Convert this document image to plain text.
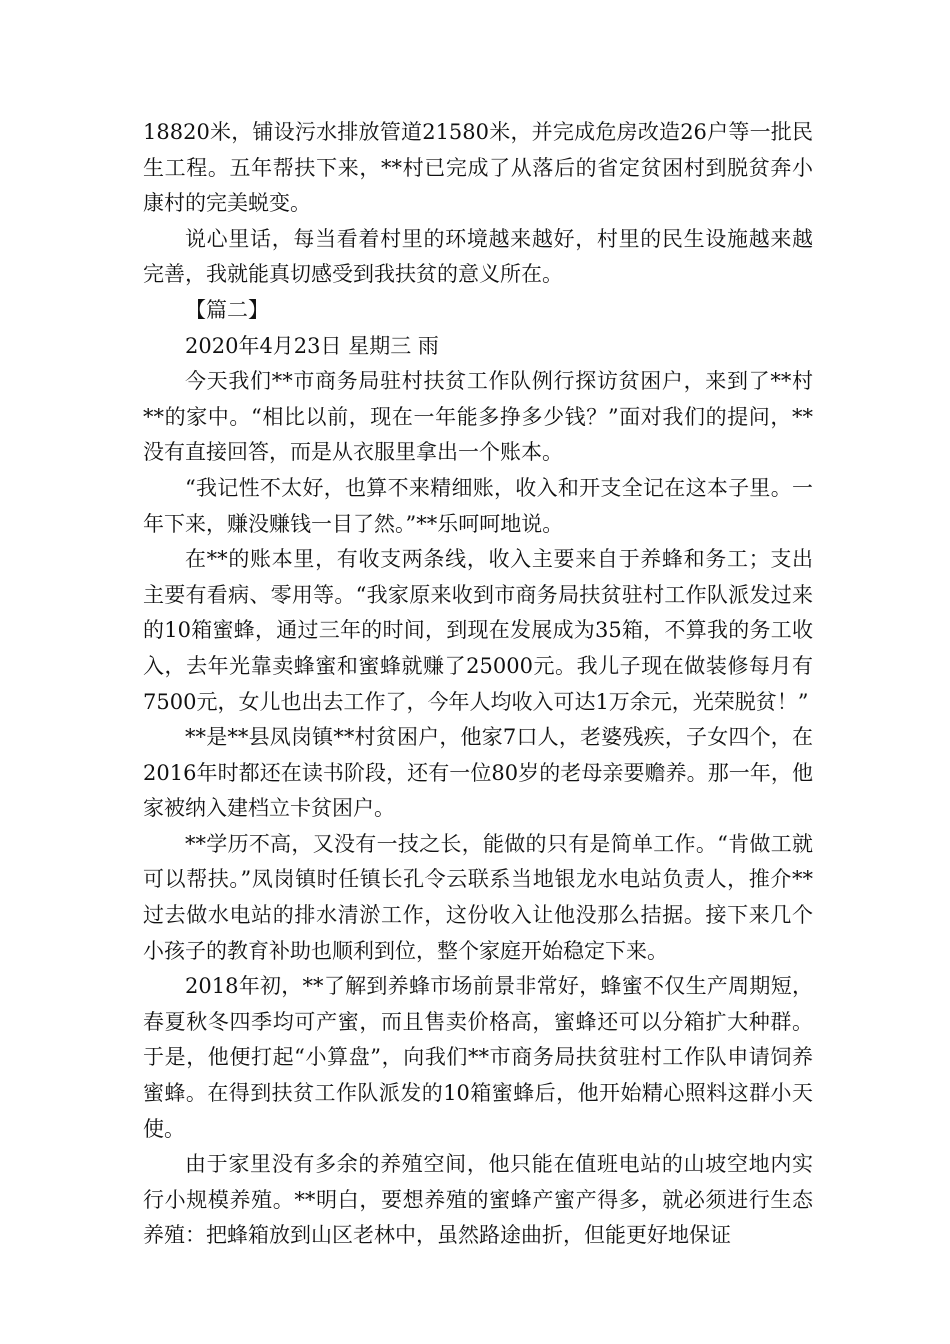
18820米，铺设污水排放管道21580米，并完成危房改造26户等一批民生工程。五年帮扶下来，**村已完成了从落后的省定贫困村到脱贫奔小康村的完美蜕变。

说心里话，每当看着村里的环境越来越好，村里的民生设施越来越完善，我就能真切感受到我扶贫的意义所在。

【篇二】

2020年4月23日 星期三 雨

今天我们**市商务局驻村扶贫工作队例行探访贫困户，来到了**村**的家中。“相比以前，现在一年能多挣多少钱？”面对我们的提问，**没有直接回答，而是从衣服里拿出一个账本。

“我记性不太好，也算不来精细账，收入和开支全记在这本子里。一年下来，赚没赚钱一目了然。”**乐呵呵地说。

在**的账本里，有收支两条线，收入主要来自于养蜂和务工；支出主要有看病、零用等。“我家原来收到市商务局扶贫驻村工作队派发过来的10箱蜜蜂，通过三年的时间，到现在发展成为35箱，不算我的务工收入，去年光靠卖蜂蜜和蜜蜂就赚了25000元。我儿子现在做装修每月有7500元，女儿也出去工作了，今年人均收入可达1万余元，光荣脱贫！”

**是**县凤岗镇**村贫困户，他家7口人，老婆残疾，子女四个，在2016年时都还在读书阶段，还有一位80岁的老母亲要赡养。那一年，他家被纳入建档立卡贫困户。

**学历不高，又没有一技之长，能做的只有是简单工作。“肯做工就可以帮扶。”凤岗镇时任镇长孔令云联系当地银龙水电站负责人，推介**过去做水电站的排水清淤工作，这份收入让他没那么拮据。接下来几个小孩子的教育补助也顺利到位，整个家庭开始稳定下来。

2018年初，**了解到养蜂市场前景非常好，蜂蜜不仅生产周期短，春夏秋冬四季均可产蜜，而且售卖价格高，蜜蜂还可以分箱扩大种群。于是，他便打起“小算盘”，向我们**市商务局扶贫驻村工作队申请饲养蜜蜂。在得到扶贫工作队派发的10箱蜜蜂后，他开始精心照料这群小天使。

由于家里没有多余的养殖空间，他只能在值班电站的山坡空地内实行小规模养殖。**明白，要想养殖的蜜蜂产蜜产得多，就必须进行生态养殖：把蜂箱放到山区老林中，虽然路途曲折，但能更好地保证
